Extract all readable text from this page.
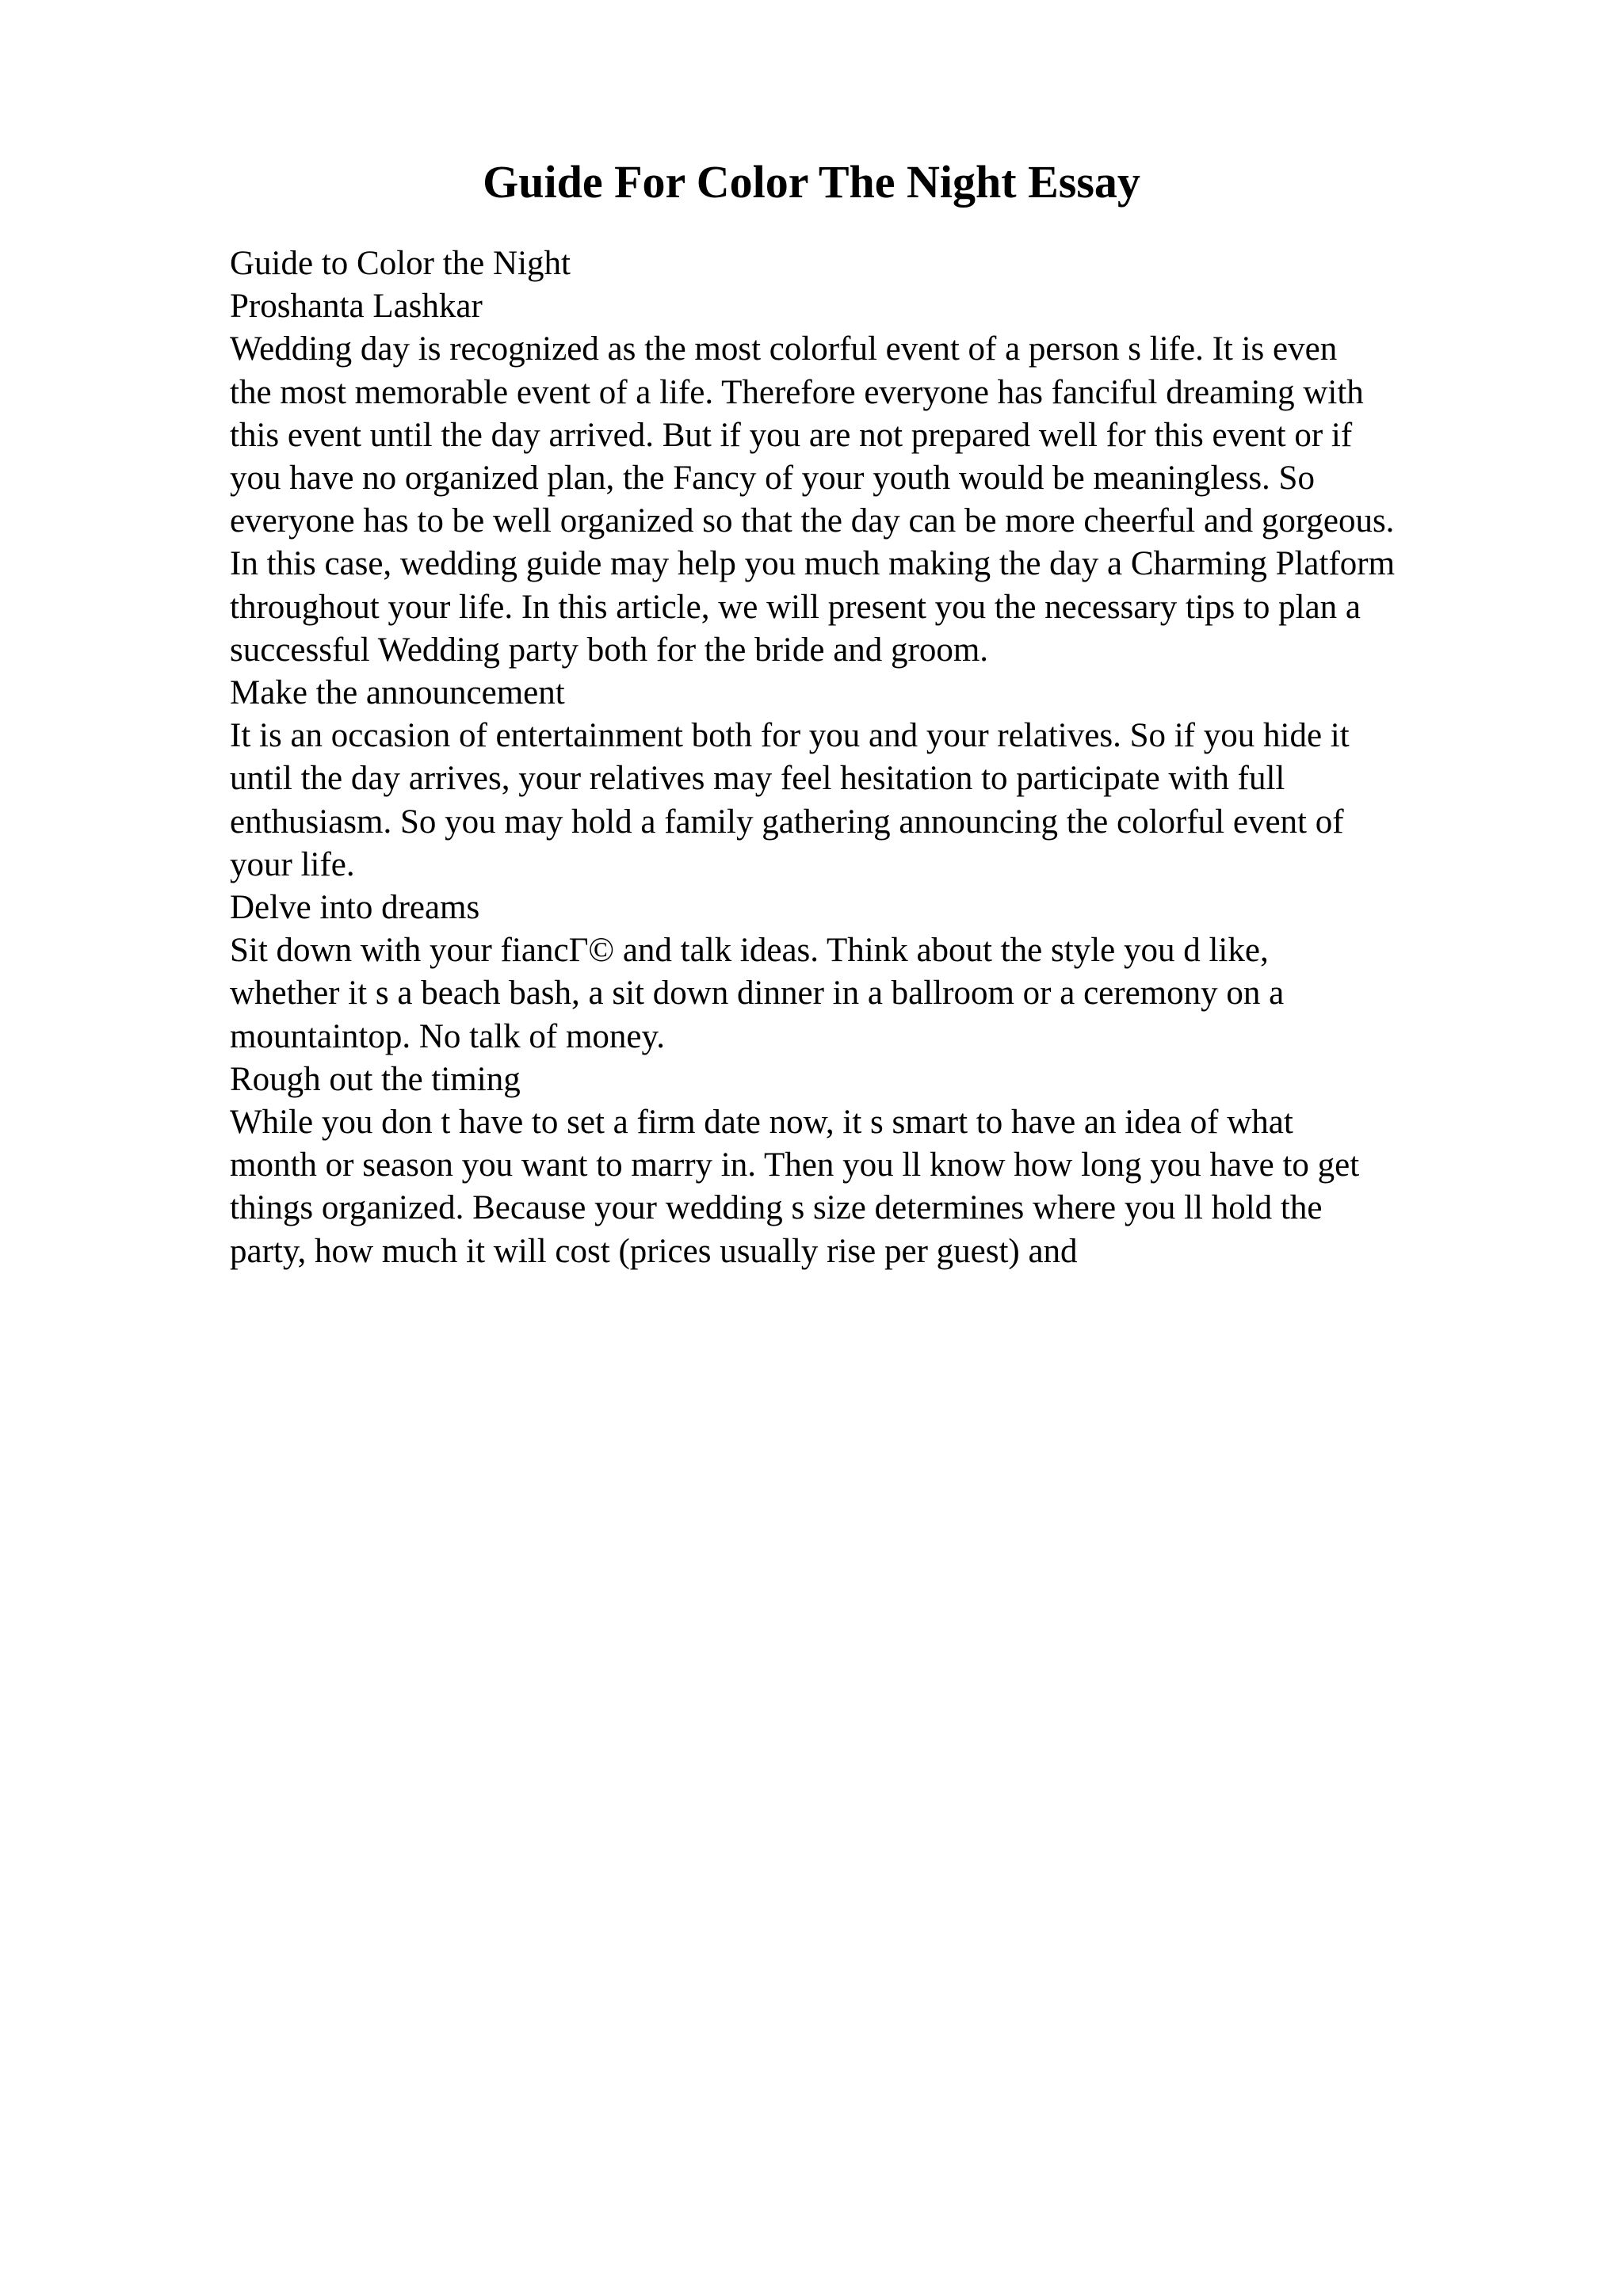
Guide For Color The Night Essay
Guide to Color the Night
Proshanta Lashkar
Wedding day is recognized as the most colorful event of a person s life. It is even
the most memorable event of a life. Therefore everyone has fanciful dreaming with
this event until the day arrived. But if you are not prepared well for this event or if
you have no organized plan, the Fancy of your youth would be meaningless. So
everyone has to be well organized so that the day can be more cheerful and gorgeous.
In this case, wedding guide may help you much making the day a Charming Platform
throughout your life. In this article, we will present you the necessary tips to plan a
successful Wedding party both for the bride and groom.
Make the announcement
It is an occasion of entertainment both for you and your relatives. So if you hide it
until the day arrives, your relatives may feel hesitation to participate with full
enthusiasm. So you may hold a family gathering announcing the colorful event of
your life.
Delve into dreams
Sit down with your fiancГ© and talk ideas. Think about the style you d like,
whether it s a beach bash, a sit down dinner in a ballroom or a ceremony on a
mountaintop. No talk of money.
Rough out the timing
While you don t have to set a firm date now, it s smart to have an idea of what
month or season you want to marry in. Then you ll know how long you have to get
things organized. Because your wedding s size determines where you ll hold the
party, how much it will cost (prices usually rise per guest) and
